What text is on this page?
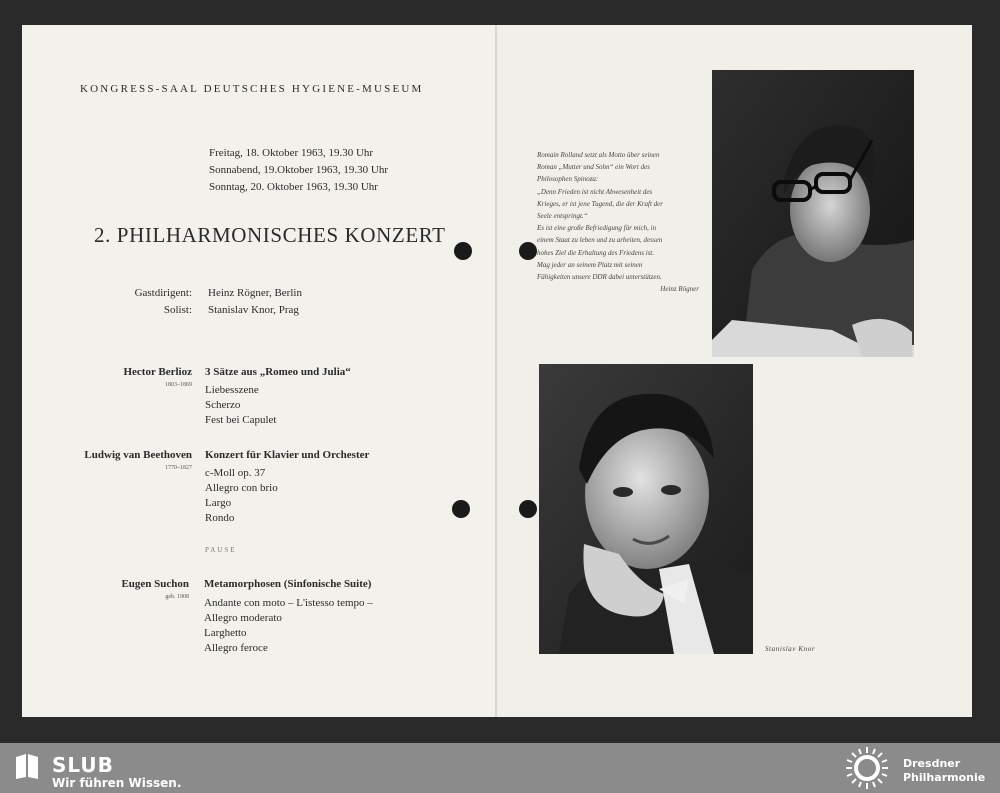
KONGRESS-SAAL DEUTSCHES HYGIENE-MUSEUM
Freitag, 18. Oktober 1963, 19.30 Uhr
Sonnabend, 19.Oktober 1963, 19.30 Uhr
Sonntag, 20. Oktober 1963, 19.30 Uhr
2. PHILHARMONISCHES KONZERT
Gastdirigent: Heinz Rögner, Berlin
Solist: Stanislav Knor, Prag
Hector Berlioz
1803–1869
3 Sätze aus „Romeo und Julia“
Liebesszene
Scherzo
Fest bei Capulet
Ludwig van Beethoven
1770–1827
Konzert für Klavier und Orchester
c-Moll op. 37
Allegro con brio
Largo
Rondo
PAUSE
Eugen Suchon
geb. 1908
Metamorphosen (Sinfonische Suite)
Andante con moto – L'istesso tempo –
Allegro moderato
Larghetto
Allegro feroce
Romain Rolland setzt als Motto über seinen
Roman „Mutter und Sohn“ ein Wort des
Philosophen Spinoza:
„Denn Frieden ist nicht Abwesenheit des
Krieges, er ist jene Tugend, die der Kraft der
Seele entspringt.“
Es ist eine große Befriedigung für mich, in
einem Staat zu leben und zu arbeiten, dessen
hohes Ziel die Erhaltung des Friedens ist.
Mag jeder an seinem Platz mit seinen
Fähigkeiten unsere DDR dabei unterstützen.
Heinz Rögner
Stanislav Knor
SLUB
Wir führen Wissen.
Dresdner
Philharmonie
